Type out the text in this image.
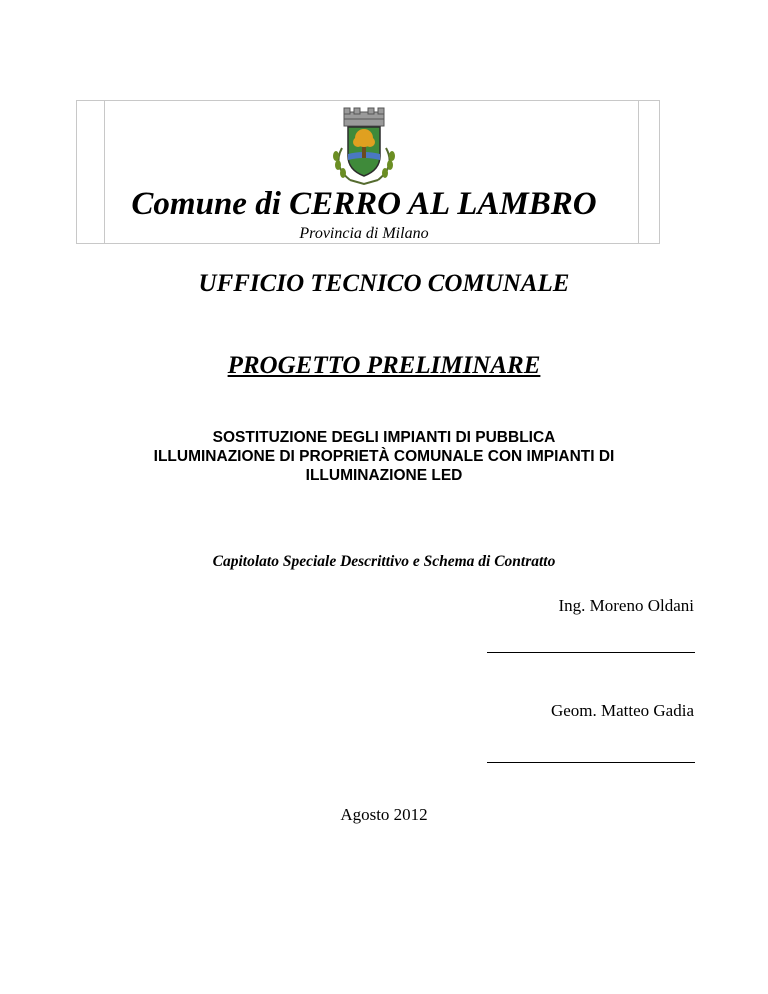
Comune di CERRO AL LAMBRO
Provincia di Milano
UFFICIO TECNICO COMUNALE
PROGETTO PRELIMINARE
SOSTITUZIONE DEGLI IMPIANTI DI PUBBLICA
ILLUMINAZIONE DI PROPRIETÀ COMUNALE CON IMPIANTI DI
ILLUMINAZIONE LED
Capitolato Speciale Descrittivo e Schema di Contratto
Ing. Moreno Oldani
Geom. Matteo Gadia
Agosto 2012
